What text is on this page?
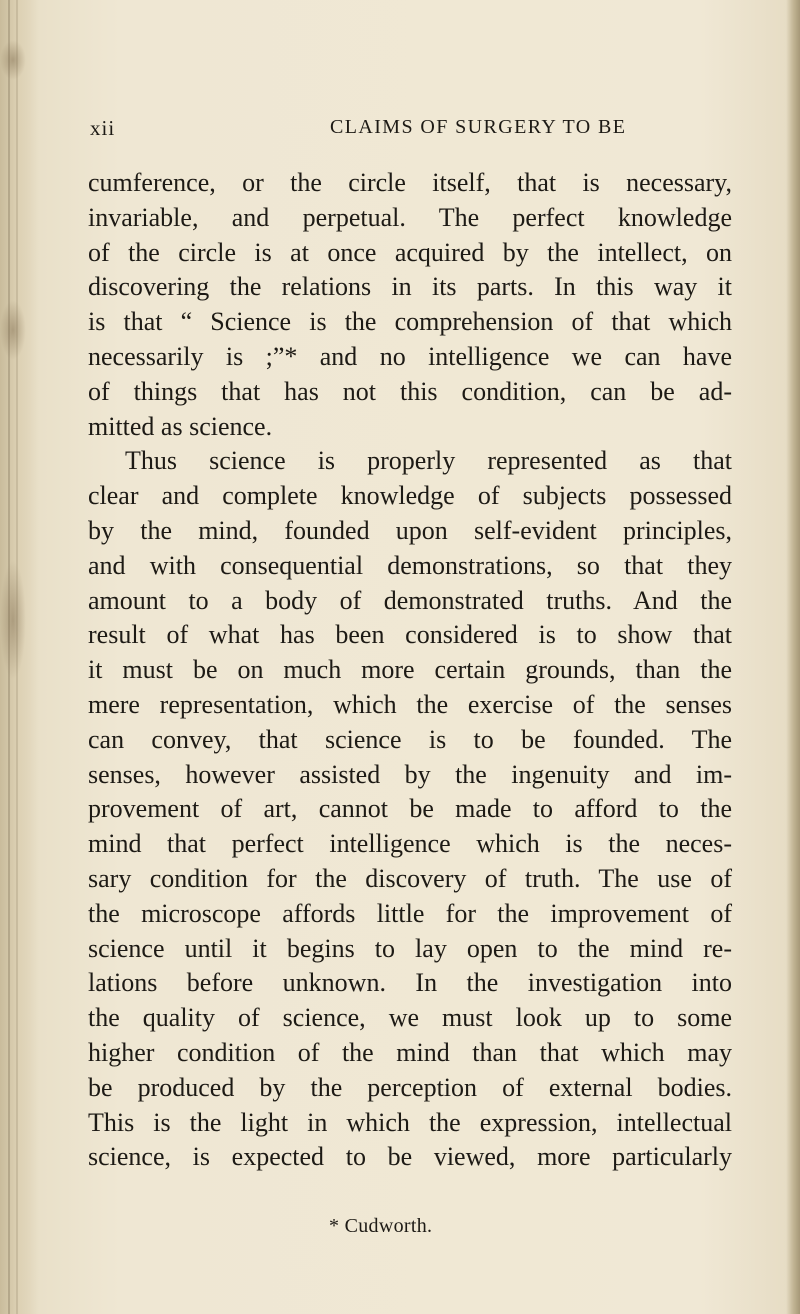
xii	CLAIMS OF SURGERY TO BE
cumference, or the circle itself, that is necessary,
invariable, and perpetual. The perfect knowledge
of the circle is at once acquired by the intellect, on
discovering the relations in its parts. In this way it
is that “ Science is the comprehension of that which
necessarily is ;”* and no intelligence we can have
of things that has not this condition, can be ad-
mitted as science.
Thus science is properly represented as that
clear and complete knowledge of subjects possessed
by the mind, founded upon self-evident principles,
and with consequential demonstrations, so that they
amount to a body of demonstrated truths. And the
result of what has been considered is to show that
it must be on much more certain grounds, than the
mere representation, which the exercise of the senses
can convey, that science is to be founded. The
senses, however assisted by the ingenuity and im-
provement of art, cannot be made to afford to the
mind that perfect intelligence which is the neces-
sary condition for the discovery of truth. The use of
the microscope affords little for the improvement of
science until it begins to lay open to the mind re-
lations before unknown. In the investigation into
the quality of science, we must look up to some
higher condition of the mind than that which may
be produced by the perception of external bodies.
This is the light in which the expression, intellectual
science, is expected to be viewed, more particularly
* Cudworth.
